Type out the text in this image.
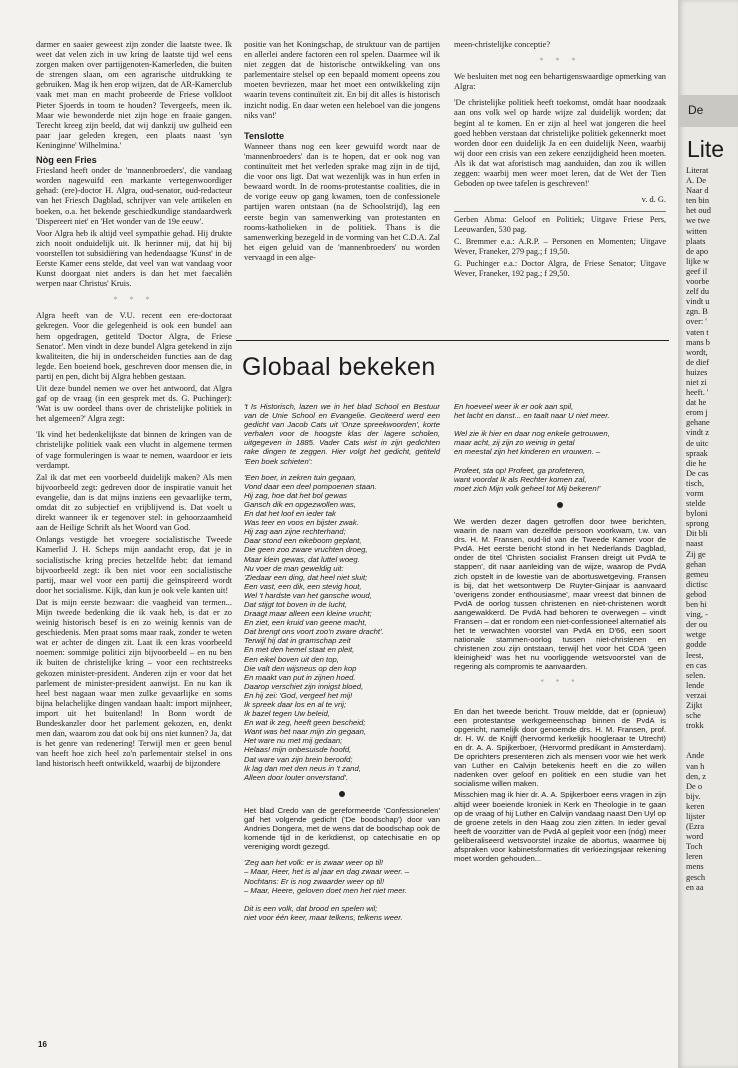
darmer en saaier geweest zijn zonder die laatste twee. Ik weet dat velen zich in uw kring de laatste tijd wel eens zorgen maken over partijgenoten-Kamerleden, die buiten de strengen slaan, om een agrarische uitdrukking te gebruiken. Mag ik hen erop wijzen, dat de AR-Kamerclub vaak met man en macht probeerde de Friese volkloot Pieter Sjoerds in toom te houden? Tevergeefs, meen ik. Maar wie bewonderde niet zijn hoge en fraaie gangen. Terecht kreeg zijn beeld, dat wij dankzij uw gulheid een paar jaar geleden kregen, een plaats naast 'syn Keninginne' Wilhelmina.'

Nòg een Fries

Friesland heeft onder de 'mannenbroeders', die vandaag worden nagewuifd een markante vertegenwoordiger gehad: (ere)-doctor H. Algra, oud-senator, oud-redacteur van het Friesch Dagblad, schrijver van vele artikelen en boeken, o.a. het bekende geschiedkundige standaardwerk 'Dispereert niet' en 'Het wonder van de 19e eeuw'.

Voor Algra heb ik altijd veel sympathie gehad. Hij drukte zich nooit onduidelijk uit. Ik herinner mij, dat hij bij voorstellen tot subsidiëring van hedendaagse 'Kunst' in de Eerste Kamer eens stelde, dat veel van wat vandaag voor Kunst doorgaat niet anders is dan het met faecaliën werpen naar Christus' Kruis.

* * *

Algra heeft van de V.U. recent een ere-doctoraat gekregen. Voor die gelegenheid is ook een bundel aan hem opgedragen, getiteld 'Doctor Algra, de Friese Senator'. Men vindt in deze bundel Algra getekend in zijn kwaliteiten, die hij in onderscheiden functies aan de dag legde. Een boeiend boek, geschreven door mensen die, in partij en pen, dicht bij Algra hebben gestaan.

Uit deze bundel nemen we over het antwoord, dat Algra gaf op de vraag (in een gesprek met ds. G. Puchinger): 'Wat is uw oordeel thans over de christelijke politiek in het algemeen?' Algra zegt:

'Ik vind het bedenkelijkste dat binnen de kringen van de christelijke politiek vaak een vlucht in algemene termen of vage formuleringen is waar te nemen, waardoor er iets verdampt.

Zal ik dat met een voorbeeld duidelijk maken? Als men bijvoorbeeld zegt: gedreven door de inspiratie vanuit het evangelie, dan is dat mijns inziens een gevaarlijke term, omdat dit zo subjectief en vrijblijvend is. Dat voelt u direkt wanneer ik er tegenover stel: in gehoorzaamheid aan de Heilige Schrift als het Woord van God.

Onlangs vestigde het vroegere socialistische Tweede Kamerlid J. H. Scheps mijn aandacht erop, dat je in socialistische kring precies hetzelfde hebt: dat iemand bijvoorbeeld zegt: ik ben niet voor een socialistische partij, maar wel voor een partij die geïnspireerd wordt door het socialisme. Kijk, dan kun je ook vele kanten uit!

Dat is mijn eerste bezwaar: die vaagheid van termen... Mijn tweede bedenking die ik vaak heb, is dat er zo weinig historisch besef is en zo weinig kennis van de geschiedenis. Men praat soms maar raak, zonder te weten wat er achter de dingen zit. Laat ik een kras voorbeeld noemen: sommige politici zijn bijvoorbeeld – en nu ben ik buiten de christelijke kring – voor een rechtstreeks gekozen minister-president. Anderen zijn er voor dat het parlement de minister-president aanwijst. En nu kan ik heel best nagaan waar men zulke gevaarlijke en soms bijna belachelijke dingen vandaan haalt: import mijnheer, import uit het buitenland! In Bonn wordt de Bundeskanzler door het parlement gekozen, en, denkt men dan, waarom zou dat ook bij ons niet kunnen? Ja, dat is het genre van redenering! Terwijl men er geen benul van heeft hoe zich heel zo'n parlementair stelsel in ons land historisch heeft ontwikkeld, waarbij de bijzondere

positie van het Koningschap, de struktuur van de partijen en allerlei andere factoren een rol spelen. Daarmee wil ik niet zeggen dat de historische ontwikkeling van ons parlementaire stelsel op een bepaald moment opeens zou moeten bevriezen, maar het moet een ontwikkeling zijn waarin tevens continuïteit zit. En bij dit alles is historisch inzicht nodig. En daar weten een heleboel van die jongens niks van!'

Tenslotte

Wanneer thans nog een keer gewuifd wordt naar de 'mannenbroeders' dan is te hopen, dat er ook nog van continuïteit met het verleden sprake mag zijn in de tijd, die voor ons ligt. Dat wat wezenlijk was in hun erfen in bewaard wordt. In de rooms-protestantse coalities, die in de vorige eeuw op gang kwamen, toen de confessionele partijen waren ontstaan (na de Schoolstrijd), lag een eerste begin van samenwerking van protestanten en rooms-katholieken in de politiek. Thans is die samenwerking bezegeld in de vorming van het C.D.A. Zal het eigen geluid van de 'mannenbroeders' nu worden vervaagd in een alge-

meen-christelijke conceptie?

* * *

We besluiten met nog een behartigenswaardige opmerking van Algra:

'De christelijke politiek heeft toekomst, omdát haar noodzaak aan ons volk wel op harde wijze zal duidelijk worden; dat begint al te komen. En er zijn al heel wat jongeren die heel goed hebben verstaan dat christelijke politiek gekennerkt moet worden door een duidelijk Ja en een duidelijk Neen, waarbij wij door een crisis van een zekere eenzijdigheid heen moeten. Als ik dat wat aforistisch mag aanduiden, dan zou ik willen zeggen: waarbij men weer moet leren, dat de Wet der Tien Geboden op twee tafelen is geschreven!'

v. d. G.

Gerben Abma: Geloof en Politiek; Uitgave Friese Pers, Leeuwarden, 530 pag.

C. Bremmer e.a.: A.R.P. – Personen en Momenten; Uitgave Wever, Franeker, 279 pag.; f 19,50.

G. Puchinger e.a.: Doctor Algra, de Friese Senator; Uitgave Wever, Franeker, 192 pag.; f 29,50.

Globaal bekeken

't Is Historisch, lazen we in het blad School en Bestuur van de Unie School en Evangelie. Geciteerd werd een gedicht van Jacob Cats uit 'Onze spreekwoorden', korte verhalen voor de hoogste klas der lagere scholen, uitgegeven in 1885. Vader Cats wist in zijn gedichten rake dingen te zeggen. Hier volgt het gedicht, getiteld 'Een boek schieten':

'Een boer, in zekren tuin gegaan,
Vond daar een deel pompoenen staan.
Hij zag, hoe dat het bol gewas
Gansch dik en opgezwollen was,
En dat het loof en ieder tak
Was teer en voos en bijster zwak.
Hij zag aan zijne rechterhand;
Daar stond een eikeboom geplant,
Die geen zoo zware vruchten droeg,
Maar klein gewas, dat luttel woeg.
Nu voer de man geweldig uit:
'Ziedaar een ding, dat heel niet sluit;
Een vast, een dik, een stevig hout,
Wel 't hardste van het gansche woud,
Dat stijgt tot boven in de lucht,
Draagt maar alleen een kleine vrucht;
En ziet, een kruid van geene macht,
Dat brengt ons voort zoo'n zware dracht'.
Terwijl hij dat in gramschap zeit
En met den hemel staat en pleit,
Een eikel boven uit den top,
Die valt den wijsneus op den kop
En maakt van put in zijnen hoed.
Daarop verschiet zijn innigst bloed,
En hij zei: 'God, vergeef het mij!
Ik spreek daar los en al te vrij;
Ik bazel tegen Uw beleid,
En wat ik zeg, heeft geen bescheid;
Want was het naar mijn zin gegaan,
Het ware nu met mij gedaan;
Helaas! mijn onbesuisde hoofd,
Dat ware van zijn brein beroofd;
Ik lag dan met den neus in 't zand,
Alleen door louter onverstand'.

Het blad Credo van de gereformeerde 'Confessionelen' gaf het volgende gedicht ('De boodschap') door van Andries Dongera, met de wens dat de boodschap ook de komende tijd in de kerkdienst, op catechisatie en op vereniging wordt gezegd.

'Zeg aan het volk: er is zwaar weer op til!
– Maar, Heer, het is al jaar en dag zwaar weer. –
Nochtans: Er is nog zwaarder weer op til!
– Maar, Heere, geloven doet men het niet meer.

Dit is een volk, dat brood en spelen wil;
niet voor één keer, maar telkens, telkens weer.
En hoeveel weer ik er ook aan spil,
het lacht en danst... en taalt naar U niet meer.

Wel zie ik hier en daar nog enkele getrouwen,
maar acht, zij zijn zo weinig in getal
en meestal zijn het kinderen en vrouwen. –

Profeet, sta op! Profeet, ga profeteren,
want voordat Ik als Rechter komen zal,
moet zich Mijn volk geheel tot Mij bekeren!'

We werden dezer dagen getroffen door twee berichten, waarin de naam van dezelfde persoon voorkwam, t.w. van drs. H. M. Fransen, oud-lid van de Tweede Kamer voor de PvdA. Het eerste bericht stond in het Nederlands Dagblad, onder de titel 'Christen socialist Fransen dreigt uit PvdA te stappen', dit naar aanleiding van de wijze, waarop de PvdA zich opstelt in de kwestie van de abortuswetgeving. Fransen is bij, dat het wetsontwerp De Ruyter-Ginjaar is aanvaard 'overigens zonder enthousiasme', maar vreest dat binnen de PvdA de oorlog tussen christenen en niet-christenen wordt aangewakkerd. De PvdA had behoren te overwegen – vindt Fransen – dat er rondom een niet-confessioneel alternatief als het te verwachten voorstel van PvdA en D'66, een soort nationale stammen-oorlog tussen niet-christenen en christenen zou zijn ontstaan, terwijl het voor het CDA 'geen kleinigheid' was het nu voorliggende wetsvoorstel van de regering als compromis te aanvaarden.

* * *

En dan het tweede bericht. Trouw meldde, dat er (opnieuw) een protestantse werkgemeenschap binnen de PvdA is opgericht, namelijk door genoemde drs. H. M. Fransen, prof. dr. H. W. de Knijff (hervormd kerkelijk hoogleraar te Utrecht) en dr. A. A. Spijkerboer, (Hervormd predikant in Amsterdam). De oprichters presenteren zich als mensen voor wie het werk van Luther en Calvijn betekenis heeft en die zo willen nadenken over geloof en politiek en een studie van het socialisme willen maken.

Misschien mag ik hier dr. A. A. Spijkerboer eens vragen in zijn altijd weer boeiende kroniek in Kerk en Theologie in te gaan op de vraag of hij Luther en Calvijn vandaag naast Den Uyl op de groene zetels in den Haag zou zien zitten. In ieder geval heeft de voorzitter van de PvdA al gepleit voor een (nóg) meer geliberaliseerd wetsvoorstel inzake de abortus, waarmee bij afspraken voor kabinetsformaties dit verkiezingsjaar rekening moet worden gehouden...

16
De
Lite
Literat
A. De
Naar d
ten bin
het oud
we twe
witten
plaats
de apo
lijke w
geef il
voorbe
zelf du
vindt u
zgn. B
over: '
vaten t
mans b
wordt,
de dief
huizes
niet zi
heeft. '
dat he
erom j
gehane
vindt z
de uitc
spraak
die he
De cas
tisch,
vorm
stelde
byloni
sprong
Dit bli
naast
Zij ge
gehan
gemeu
dictisc
gebod
ben hi
ving, -
der ou
wetge
godde
leest,
en cas
selen.
lende
verzai
Zijkt
sche
trokk

Ande
van h
den, z
De o
bijv.
keren
lijster
(Ezra
word
Toch
leren
mens
gesch
en aa
